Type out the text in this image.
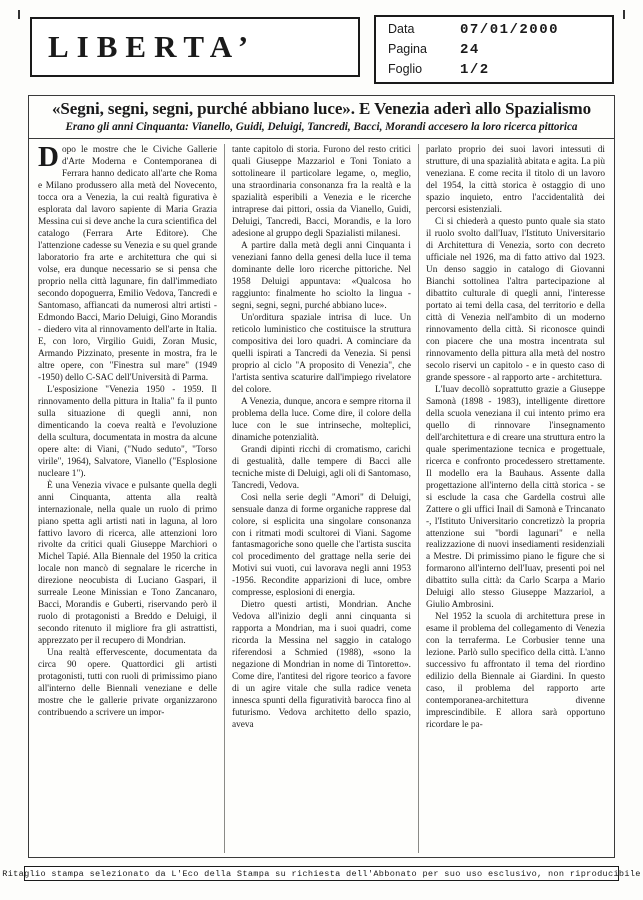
LIBERTA’	Data	07/01/2000
Pagina	24
Foglio	1/2
«Segni, segni, segni, purché abbiano luce». E Venezia aderì allo Spazialismo
Erano gli anni Cinquanta: Vianello, Guidi, Deluigi, Tancredi, Bacci, Morandi accesero la loro ricerca pittorica

Dopo le mostre che le Civiche Gallerie d'Arte Moderna e Contemporanea di Ferrara hanno dedicato all'arte che Roma e Milano produssero alla metà del Novecento, tocca ora a Venezia, la cui realtà figurativa è esplorata dal lavoro sapiente di Maria Grazia Messina cui si deve anche la cura scientifica del catalogo (Ferrara Arte Editore). Che l'attenzione cadesse su Venezia e su quel grande laboratorio fra arte e architettura che qui si volse, era dunque necessario se si pensa che proprio nella città lagunare, fin dall'immediato secondo dopoguerra, Emilio Vedova, Tancredi e Santomaso, affiancati da numerosi altri artisti - Edmondo Bacci, Mario Deluigi, Gino Morandis - diedero vita al rinnovamento dell'arte in Italia. E, con loro, Virgilio Guidi, Zoran Music, Armando Pizzinato, presente in mostra, fra le altre opere, con "Finestra sul mare" (1949 -1950) dello C-SAC dell'Università di Parma.

L'esposizione "Venezia 1950 - 1959. Il rinnovamento della pittura in Italia" fa il punto sulla situazione di quegli anni, non dimenticando la coeva realtà e l'evoluzione della scultura, documentata in mostra da alcune opere alte: di Viani, ("Nudo seduto", "Torso virile", 1964), Salvatore, Vianello ("Esplosione nucleare 1").

È una Venezia vivace e pulsante quella degli anni Cinquanta, attenta alla realtà internazionale, nella quale un ruolo di primo piano spetta agli artisti nati in laguna, al loro fattivo lavoro di ricerca, alle attenzioni loro rivolte da critici quali Giuseppe Marchiori o Michel Tapié. Alla Biennale del 1950 la critica locale non mancò di segnalare le ricerche in direzione neocubista di Luciano Gaspari, il surreale Leone Minissian e Tono Zancanaro, Bacci, Morandis e Guberti, riservando però il ruolo di protagonisti a Breddo e Deluigi, il secondo ritenuto il migliore fra gli astrattisti, apprezzato per il recupero di Mondrian.

Una realtà effervescente, documentata da circa 90 opere. Quattordici gli artisti protagonisti, tutti con ruoli di primissimo piano all'interno delle Biennali veneziane e delle mostre che le gallerie private organizzarono contribuendo a scrivere un impor-

tante capitolo di storia. Furono del resto critici quali Giuseppe Mazzariol e Toni Toniato a sottolineare il particolare legame, o, meglio, una straordinaria consonanza fra la realtà e la spazialità esperibili a Venezia e le ricerche intraprese dai pittori, ossia da Vianello, Guidi, Deluigi, Tancredi, Bacci, Morandis, e la loro adesione al gruppo degli Spazialisti milanesi.

A partire dalla metà degli anni Cinquanta i veneziani fanno della genesi della luce il tema dominante delle loro ricerche pittoriche. Nel 1958 Deluigi appuntava: «Qualcosa ho raggiunto: finalmente ho sciolto la lingua - segni, segni, segni, purché abbiano luce».

Un'orditura spaziale intrisa di luce. Un reticolo luministico che costituisce la struttura compositiva dei loro quadri. A cominciare da quelli ispirati a Tancredi da Venezia. Si pensi proprio al ciclo "A proposito di Venezia", che l'artista sentiva scaturire dall'impiego rivelatore del colore.

A Venezia, dunque, ancora e sempre ritorna il problema della luce. Come dire, il colore della luce con le sue intrinseche, molteplici, dinamiche potenzialità.

Grandi dipinti ricchi di cromatismo, carichi di gestualità, dalle tempere di Bacci alle tecniche miste di Deluigi, agli oli di Santomaso, Tancredi, Vedova.

Così nella serie degli "Amori" di Deluigi, sensuale danza di forme organiche rapprese dal colore, si esplicita una singolare consonanza con i ritmati modi scultorei di Viani. Sagome fantasmagoriche sono quelle che l'artista suscita col procedimento del grattage nella serie dei Motivi sui vuoti, cui lavorava negli anni 1953 -1956. Recondite apparizioni di luce, ombre compresse, esplosioni di energia.

Dietro questi artisti, Mondrian. Anche Vedova all'inizio degli anni cinquanta si rapporta a Mondrian, ma i suoi quadri, come ricorda la Messina nel saggio in catalogo riferendosi a Schmied (1988), «sono la negazione di Mondrian in nome di Tintoretto». Come dire, l'antitesi del rigore teorico a favore di un agire vitale che sulla radice veneta innesca spunti della figuratività barocca fino al futurismo. Vedova architetto dello spazio, aveva

parlato proprio dei suoi lavori intessuti di strutture, di una spazialità abitata e agita. La più veneziana. E come recita il titolo di un lavoro del 1954, la città storica è ostaggio di uno spazio inquieto, entro l'accidentalità dei percorsi esistenziali.

Ci si chiederà a questo punto quale sia stato il ruolo svolto dall'Iuav, l'Istituto Universitario di Architettura di Venezia, sorto con decreto ufficiale nel 1926, ma di fatto attivo dal 1923. Un denso saggio in catalogo di Giovanni Bianchi sottolinea l'altra partecipazione al dibattito culturale di quegli anni, l'interesse portato ai temi della casa, del territorio e della città di Venezia nell'ambito di un moderno rinnovamento della città. Si riconosce quindi con piacere che una mostra incentrata sul rinnovamento della pittura alla metà del nostro secolo riservi un capitolo - e in questo caso di grande spessore - al rapporto arte - architettura.

L'Iuav decollò soprattutto grazie a Giuseppe Samonà (1898 - 1983), intelligente direttore della scuola veneziana il cui intento primo era quello di rinnovare l'insegnamento dell'architettura e di creare una struttura entro la quale sperimentazione tecnica e progettuale, ricerca e confronto procedessero strettamente. Il modello era la Bauhaus. Assente dalla progettazione all'interno della città storica - se si esclude la casa che Gardella costruì alle Zattere o gli uffici Inail di Samonà e Trincanato -, l'Istituto Universitario concretizzò la propria attenzione sui "bordi lagunari" e nella realizzazione di nuovi insediamenti residenziali a Mestre. Di primissimo piano le figure che si formarono all'interno dell'Iuav, presenti poi nel dibattito sulla città: da Carlo Scarpa a Mario Deluigi allo stesso Giuseppe Mazzariol, a Giulio Ambrosini.

Nel 1952 la scuola di architettura prese in esame il problema del collegamento di Venezia con la terraferma. Le Corbusier tenne una lezione. Parlò sullo specifico della città. L'anno successivo fu affrontato il tema del riordino edilizio della Biennale ai Giardini. In questo caso, il problema del rapporto arte contemporanea-architettura divenne imprescindibile. E allora sarà opportuno ricordare le pa-

Ritaglio stampa selezionato da L'Eco della Stampa su richiesta dell'Abbonato per suo uso esclusivo, non riproducibile
